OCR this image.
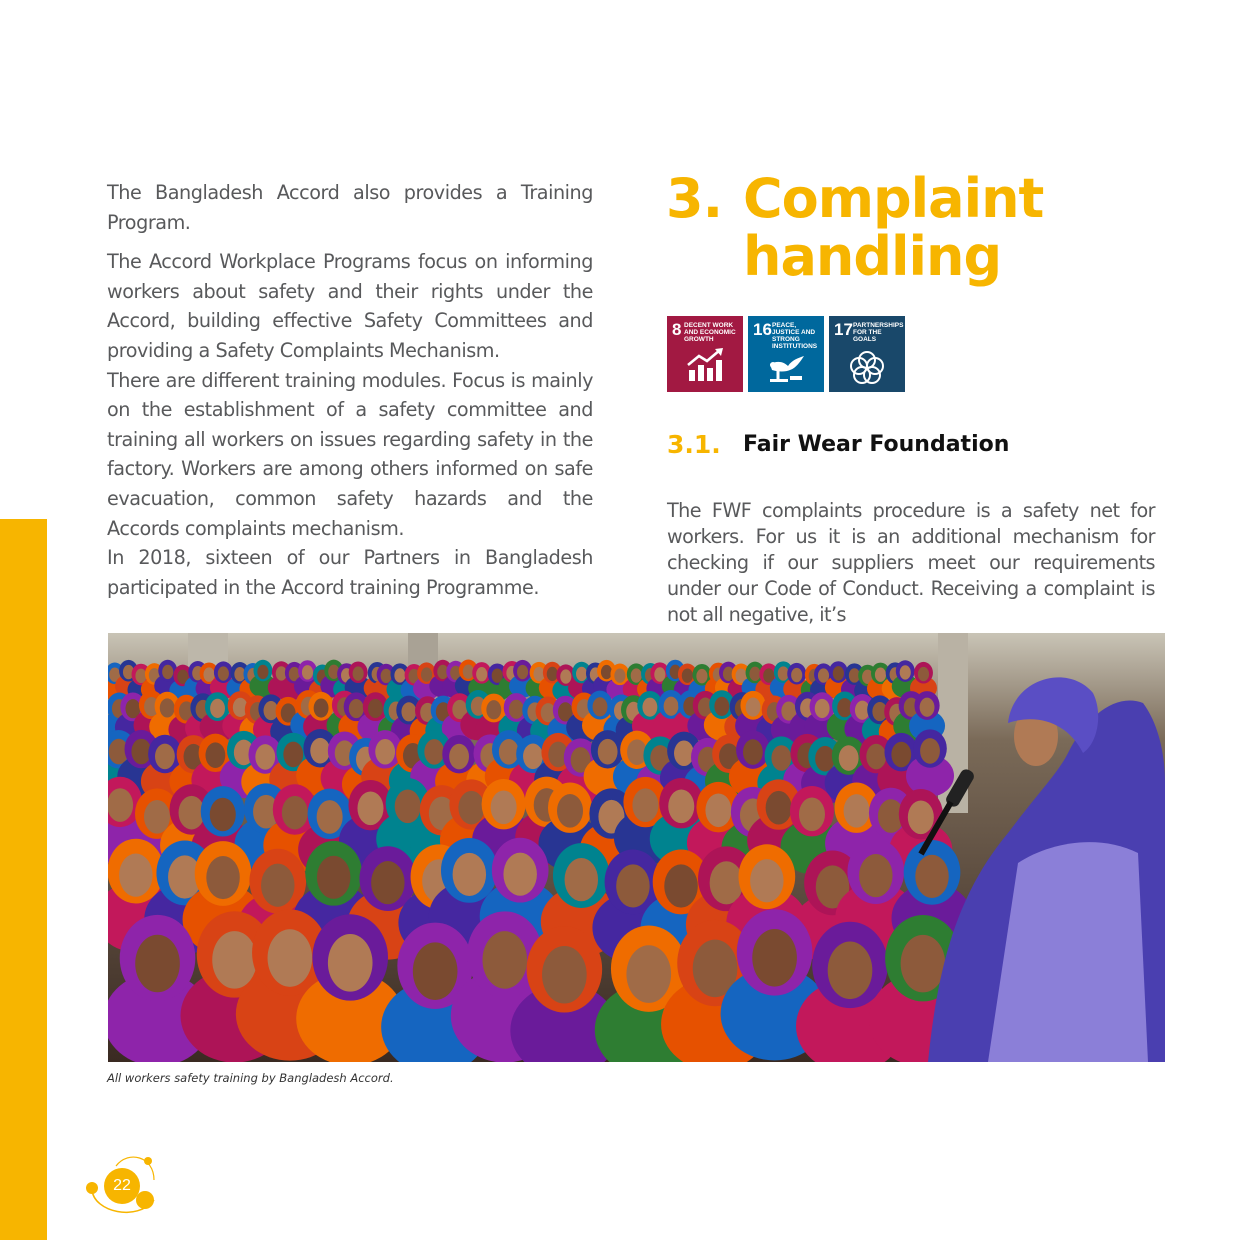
The Bangladesh Accord also provides a Training Program.

The Accord Workplace Programs focus on informing workers about safety and their rights under the Accord, building effective Safety Committees and providing a Safety Complaints Mechanism.

There are different training modules. Focus is mainly on the establishment of a safety committee and training all workers on issues regarding safety in the factory. Workers are among others informed on safe evacuation, common safety hazards and the Accords complaints mechanism.

In 2018, sixteen of our Partners in Bangladesh participated in the Accord training Programme.

3. Complaint
handling
8 DECENT WORK AND ECONOMIC GROWTH
16 PEACE, JUSTICE AND STRONG INSTITUTIONS
17 PARTNERSHIPS FOR THE GOALS
3.1. Fair Wear Foundation

The FWF complaints procedure is a safety net for workers. For us it is an additional mechanism for checking if our suppliers meet our requirements under our Code of Conduct. Receiving a complaint is not all negative, it’s

All workers safety training by Bangladesh Accord.
22
